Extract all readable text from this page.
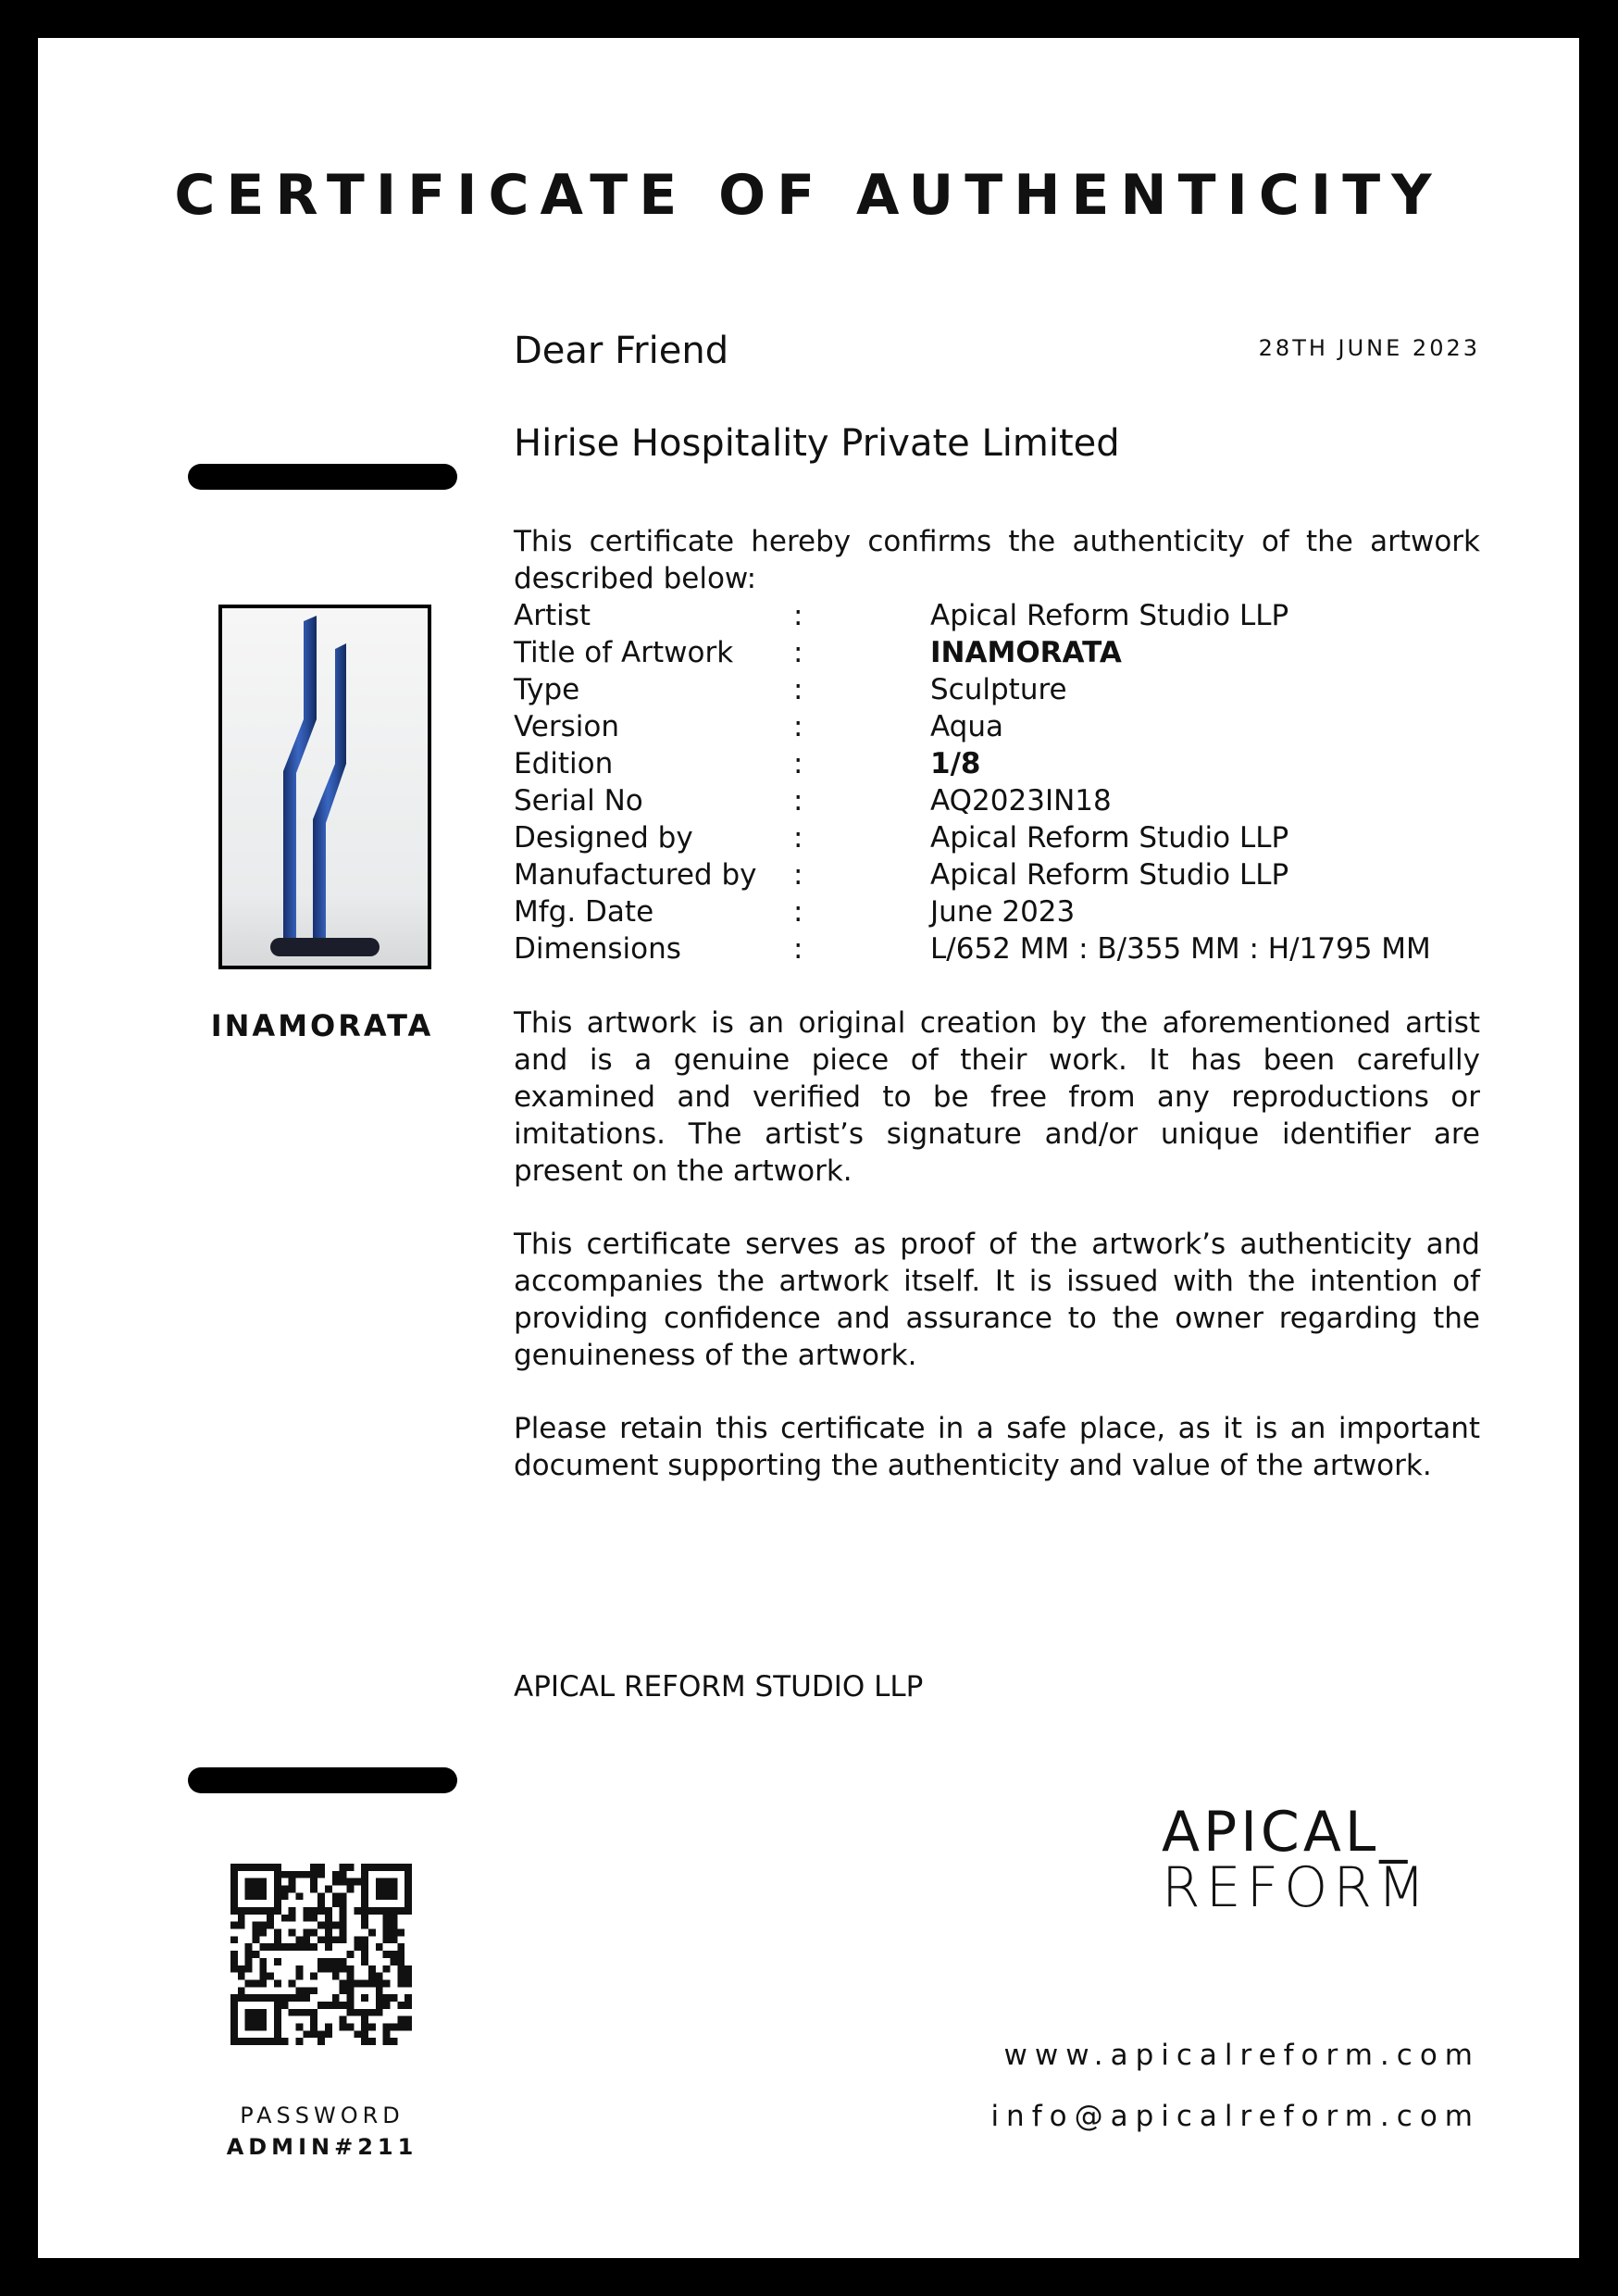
CERTIFICATE OF AUTHENTICITY
Dear Friend	28TH JUNE 2023
Hirise Hospitality Private Limited

This certificate hereby confirms the authenticity of the artwork described below:

INAMORATA
Artist	:	Apical Reform Studio LLP
Title of Artwork	:	INAMORATA
Type	:	Sculpture
Version	:	Aqua
Edition	:	1/8
Serial No	:	AQ2023IN18
Designed by	:	Apical Reform Studio LLP
Manufactured by	:	Apical Reform Studio LLP
Mfg. Date	:	June 2023
Dimensions	:	L/652 MM : B/355 MM : H/1795 MM

This artwork is an original creation by the aforementioned artist and is a genuine piece of their work. It has been carefully examined and verified to be free from any reproductions or imitations. The artist’s signature and/or unique identifier are present on the artwork.

This certificate serves as proof of the artwork’s authenticity and accompanies the artwork itself. It is issued with the intention of providing confidence and assurance to the owner regarding the genuineness of the artwork.

Please retain this certificate in a safe place, as it is an important document supporting the authenticity and value of the artwork.

APICAL REFORM STUDIO LLP
APICAL_
REFORM
PASSWORD
ADMIN#211
www.apicalreform.com
info@apicalreform.com
